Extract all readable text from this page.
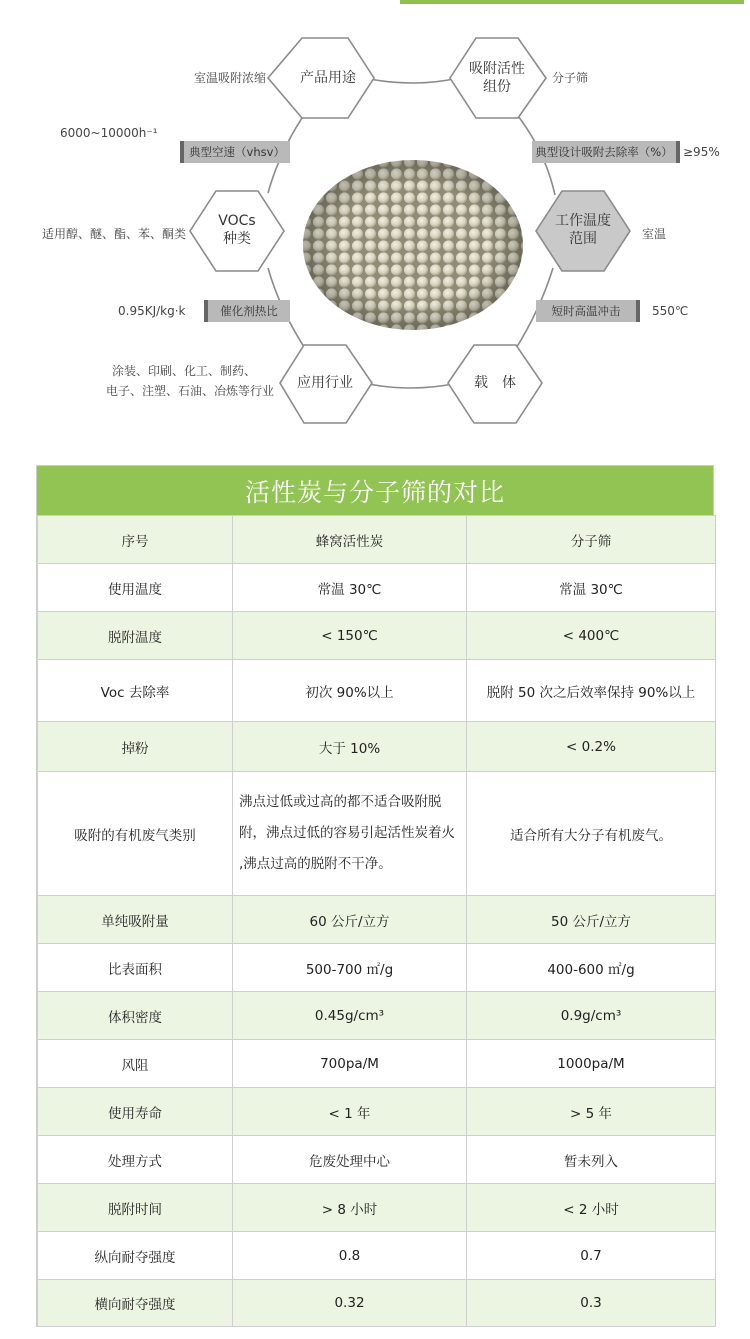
产品用途
吸附活性
组份
VOCs
种类
工作温度
范围
应用行业	载　体
室温吸附浓缩	分子筛
6000~10000h⁻¹
≥95%
适用醇、醚、酯、苯、酮类	室温
0.95KJ/kg·k	550℃
涂装、印刷、化工、制药、
电子、注塑、石油、冶炼等行业
典型空速（vhsv）	典型设计吸附去除率（%）
催化剂热比	短时高温冲击
活性炭与分子筛的对比
序号	蜂窝活性炭	分子筛
使用温度	常温 30℃	常温 30℃
脱附温度	< 150℃	< 400℃
Voc 去除率	初次 90%以上	脱附 50 次之后效率保持 90%以上
掉粉	大于 10%	< 0.2%
吸附的有机废气类别	沸点过低或过高的都不适合吸附脱附，沸点过低的容易引起活性炭着火 ,沸点过高的脱附不干净。	适合所有大分子有机废气。
单纯吸附量	60 公斤/立方	50 公斤/立方
比表面积	500-700 ㎡/g	400-600 ㎡/g
体积密度	0.45g/cm³	0.9g/cm³
风阻	700pa/M	1000pa/M
使用寿命	< 1 年	> 5 年
处理方式	危废处理中心	暂未列入
脱附时间	> 8 小时	< 2 小时
纵向耐夺强度	0.8	0.7
横向耐夺强度	0.32	0.3
